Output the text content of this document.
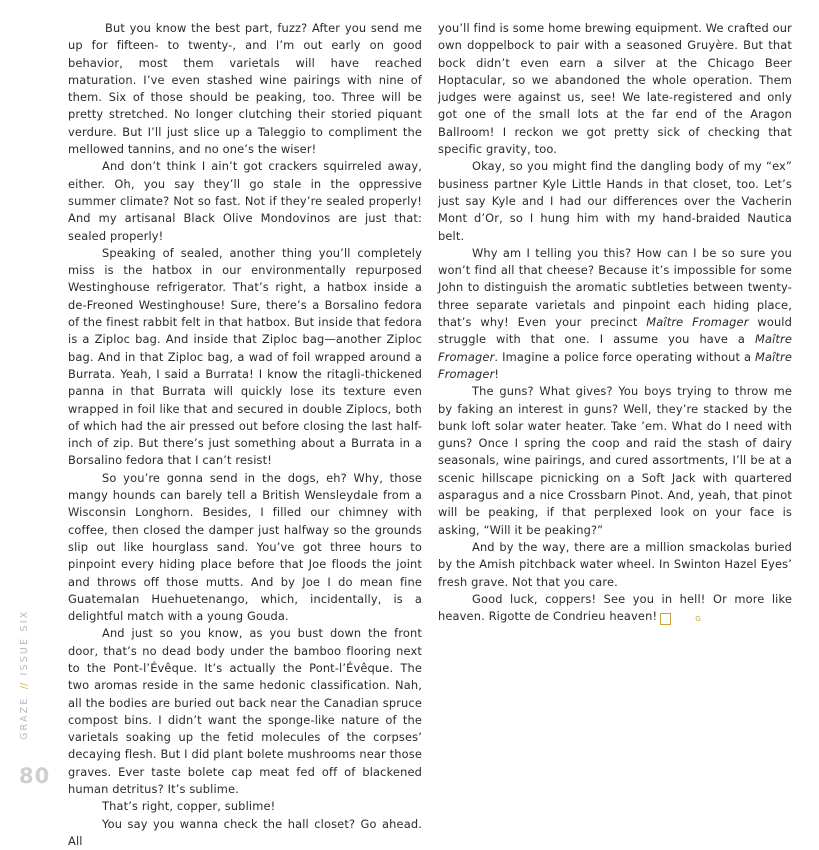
But you know the best part, fuzz? After you send me up for fifteen- to twenty-, and I’m out early on good behavior, most them varietals will have reached maturation. I’ve even stashed wine pairings with nine of them. Six of those should be peaking, too. Three will be pretty stretched. No longer clutching their storied piquant verdure. But I’ll just slice up a Taleggio to compliment the mellowed tannins, and no one’s the wiser!

And don’t think I ain’t got crackers squirreled away, either. Oh, you say they’ll go stale in the oppressive summer climate? Not so fast. Not if they’re sealed properly! And my artisanal Black Olive Mondovinos are just that: sealed properly!

Speaking of sealed, another thing you’ll completely miss is the hatbox in our environmentally repurposed Westinghouse refrigerator. That’s right, a hatbox inside a de-Freoned Westinghouse! Sure, there’s a Borsalino fedora of the finest rabbit felt in that hatbox. But inside that fedora is a Ziploc bag. And inside that Ziploc bag—another Ziploc bag. And in that Ziploc bag, a wad of foil wrapped around a Burrata. Yeah, I said a Burrata! I know the ritagli-thickened panna in that Burrata will quickly lose its texture even wrapped in foil like that and secured in double Ziplocs, both of which had the air pressed out before closing the last half-inch of zip. But there’s just something about a Burrata in a Borsalino fedora that I can’t resist!

So you’re gonna send in the dogs, eh? Why, those mangy hounds can barely tell a British Wensleydale from a Wisconsin Longhorn. Besides, I filled our chimney with coffee, then closed the damper just halfway so the grounds slip out like hourglass sand. You’ve got three hours to pinpoint every hiding place before that Joe floods the joint and throws off those mutts. And by Joe I do mean fine Guatemalan Huehuetenango, which, incidentally, is a delightful match with a young Gouda.

And just so you know, as you bust down the front door, that’s no dead body under the bamboo flooring next to the Pont-l’Évêque. It’s actually the Pont-l’Évêque. The two aromas reside in the same hedonic classification. Nah, all the bodies are buried out back near the Canadian spruce compost bins. I didn’t want the sponge-like nature of the varietals soaking up the fetid molecules of the corpses’ decaying flesh. But I did plant bolete mushrooms near those graves. Ever taste bolete cap meat fed off of blackened human detritus? It’s sublime.

That’s right, copper, sublime!

You say you wanna check the hall closet? Go ahead. All

you’ll find is some home brewing equipment. We crafted our own doppelbock to pair with a seasoned Gruyère. But that bock didn’t even earn a silver at the Chicago Beer Hoptacular, so we abandoned the whole operation. Them judges were against us, see! We late-registered and only got one of the small lots at the far end of the Aragon Ballroom! I reckon we got pretty sick of checking that specific gravity, too.

Okay, so you might find the dangling body of my “ex” business partner Kyle Little Hands in that closet, too. Let’s just say Kyle and I had our differences over the Vacherin Mont d’Or, so I hung him with my hand-braided Nautica belt.

Why am I telling you this? How can I be so sure you won’t find all that cheese? Because it’s impossible for some John to distinguish the aromatic subtleties between twenty-three separate varietals and pinpoint each hiding place, that’s why! Even your precinct Maître Fromager would struggle with that one. I assume you have a Maître Fromager. Imagine a police force operating without a Maître Fromager!

The guns? What gives? You boys trying to throw me by faking an interest in guns? Well, they’re stacked by the bunk loft solar water heater. Take ’em. What do I need with guns? Once I spring the coop and raid the stash of dairy seasonals, wine pairings, and cured assortments, I’ll be at a scenic hillscape picnicking on a Soft Jack with quartered asparagus and a nice Crossbarn Pinot. And, yeah, that pinot will be peaking, if that perplexed look on your face is asking, “Will it be peaking?”

And by the way, there are a million smackolas buried by the Amish pitchback water wheel. In Swinton Hazel Eyes’ fresh grave. Not that you care.

Good luck, coppers! See you in hell! Or more like heaven. Rigotte de Condrieu heaven!	G

GRAZE // ISSUE SIX
80
